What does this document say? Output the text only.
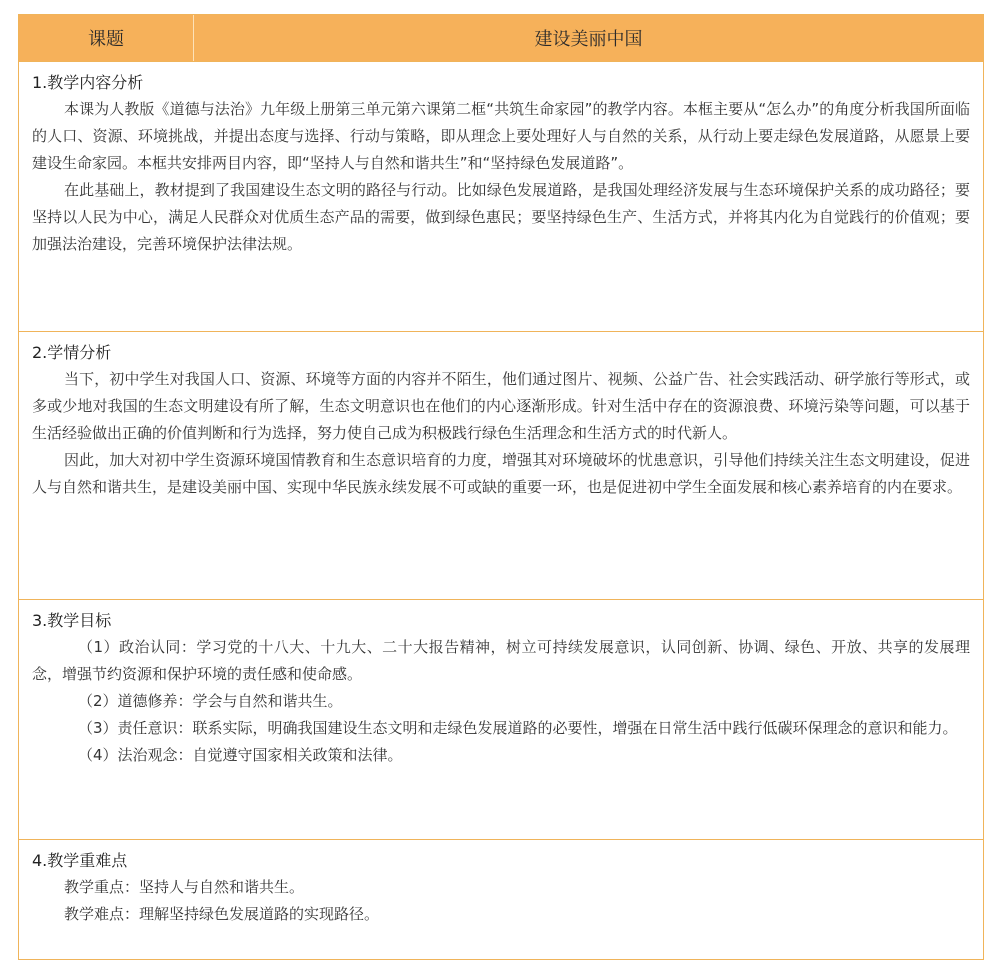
课题	建设美丽中国
1.教学内容分析

本课为人教版《道德与法治》九年级上册第三单元第六课第二框“共筑生命家园”的教学内容。本框主要从“怎么办”的角度分析我国所面临的人口、资源、环境挑战，并提出态度与选择、行动与策略，即从理念上要处理好人与自然的关系，从行动上要走绿色发展道路，从愿景上要建设生命家园。本框共安排两目内容，即“坚持人与自然和谐共生”和“坚持绿色发展道路”。

在此基础上，教材提到了我国建设生态文明的路径与行动。比如绿色发展道路，是我国处理经济发展与生态环境保护关系的成功路径；要坚持以人民为中心，满足人民群众对优质生态产品的需要，做到绿色惠民；要坚持绿色生产、生活方式，并将其内化为自觉践行的价值观；要加强法治建设，完善环境保护法律法规。

2.学情分析

当下，初中学生对我国人口、资源、环境等方面的内容并不陌生，他们通过图片、视频、公益广告、社会实践活动、研学旅行等形式，或多或少地对我国的生态文明建设有所了解，生态文明意识也在他们的内心逐渐形成。针对生活中存在的资源浪费、环境污染等问题，可以基于生活经验做出正确的价值判断和行为选择，努力使自己成为积极践行绿色生活理念和生活方式的时代新人。

因此，加大对初中学生资源环境国情教育和生态意识培育的力度，增强其对环境破坏的忧患意识，引导他们持续关注生态文明建设，促进人与自然和谐共生，是建设美丽中国、实现中华民族永续发展不可或缺的重要一环，也是促进初中学生全面发展和核心素养培育的内在要求。

3.教学目标

（1）政治认同：学习党的十八大、十九大、二十大报告精神，树立可持续发展意识，认同创新、协调、绿色、开放、共享的发展理念，增强节约资源和保护环境的责任感和使命感。

（2）道德修养：学会与自然和谐共生。

（3）责任意识：联系实际，明确我国建设生态文明和走绿色发展道路的必要性，增强在日常生活中践行低碳环保理念的意识和能力。

（4）法治观念：自觉遵守国家相关政策和法律。

4.教学重难点

教学重点：坚持人与自然和谐共生。

教学难点：理解坚持绿色发展道路的实现路径。
